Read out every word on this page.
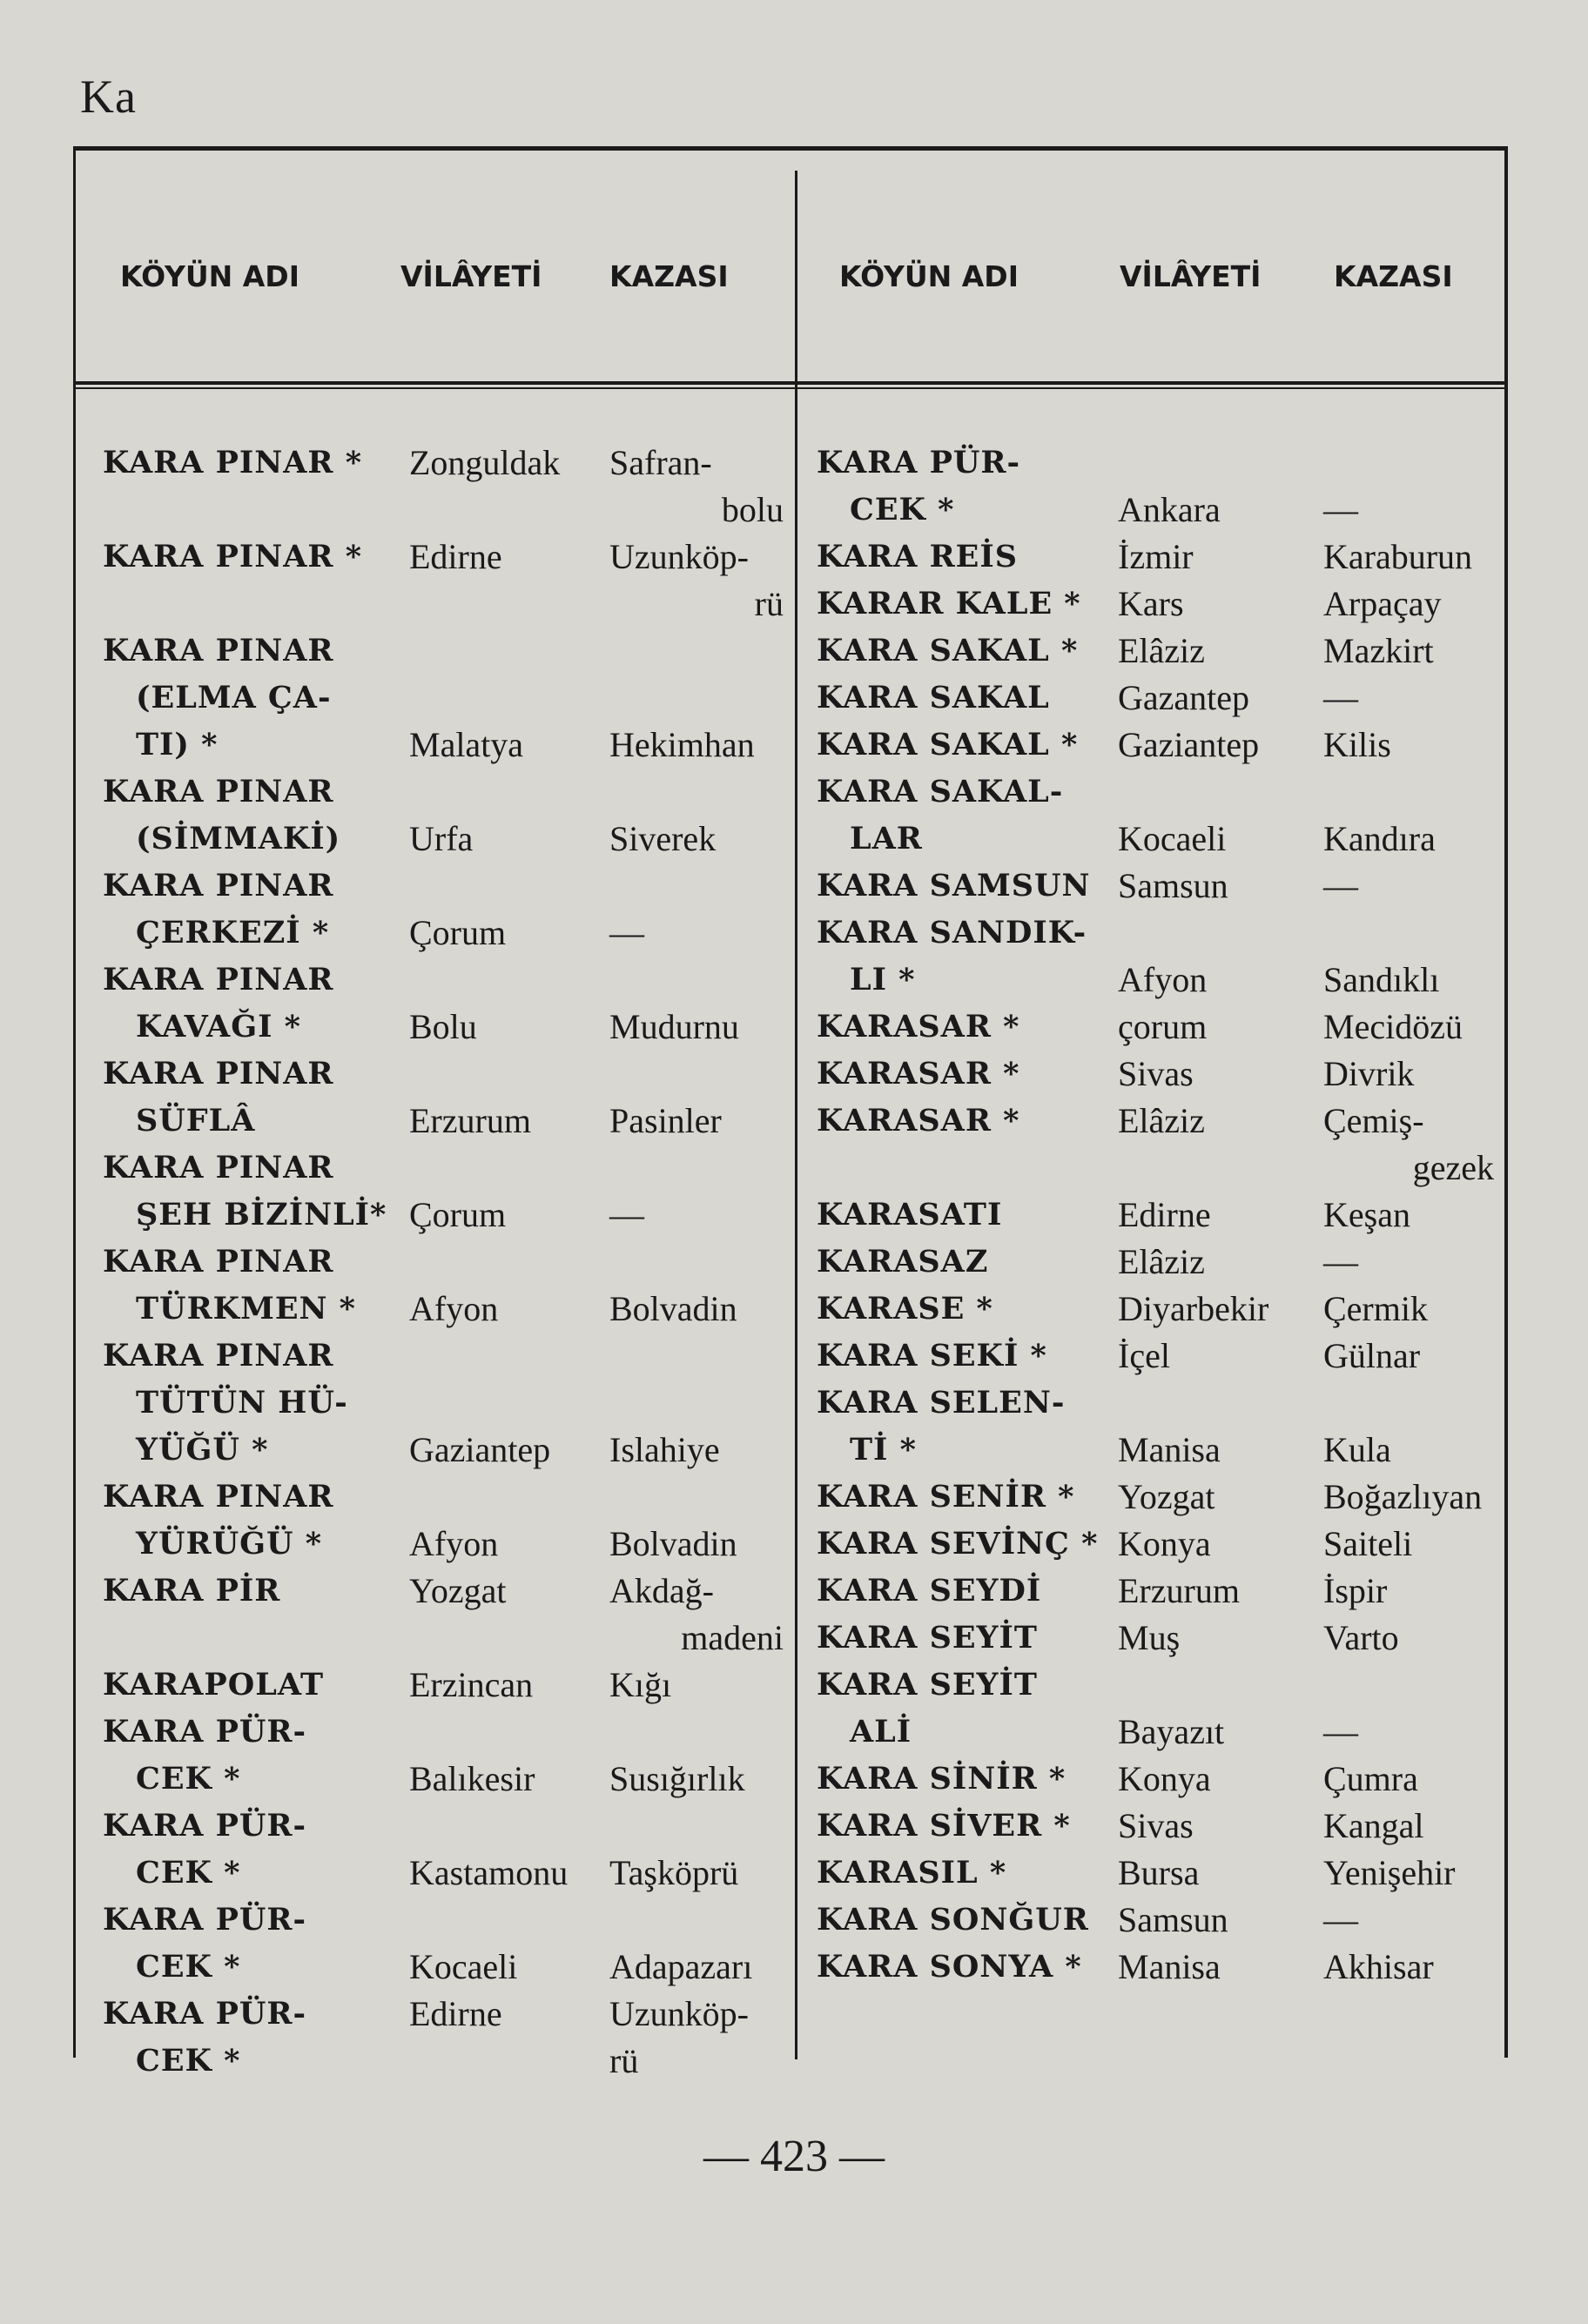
Ka
KÖYÜN ADI	VİLÂYETİ KAZASI	KÖYÜN ADI	VİLÂYETİ	KAZASI
KARA PINAR * Zonguldak Safran-
bolu
KARA PINAR * Edirne	Uzunköp-
rü
KARA PINAR
(ELMA ÇA-
TI) *	Malatya Hekimhan
KARA PINAR
(SİMMAKİ) Urfa	Siverek
KARA PINAR
ÇERKEZİ * Çorum	—
KARA PINAR
KAVAĞI *	Bolu	Mudurnu
KARA PINAR
SÜFLÂ	Erzurum Pasinler
KARA PINAR
ŞEH BİZİNLİ* Çorum	—
KARA PINAR
TÜRKMEN * Afyon	Bolvadin
KARA PINAR
TÜTÜN HÜ-
YÜĞÜ *	Gaziantep Islahiye
KARA PINAR
YÜRÜĞÜ * Afyon	Bolvadin
KARA PİR	Yozgat	Akdağ-
madeni
KARAPOLAT Erzincan Kığı
KARA PÜR-
CEK *	Balıkesir Susığırlık
KARA PÜR-
CEK *	Kastamonu Taşköprü
KARA PÜR-
CEK *	Kocaeli	Adapazarı
KARA PÜR-	Edirne	Uzunköp-
CEK *	rü
KARA PÜR-
CEK *	Ankara	—
KARA REİS	İzmir	Karaburun
KARAR KALE * Kars	Arpaçay
KARA SAKAL * Elâziz	Mazkirt
KARA SAKAL Gazantep —
KARA SAKAL * Gaziantep Kilis
KARA SAKAL-
LAR	Kocaeli	Kandıra
KARA SAMSUN Samsun	—
KARA SANDIK-
LI *	Afyon	Sandıklı
KARASAR *	çorum	Mecidözü
KARASAR *	Sivas	Divrik
KARASAR *	Elâziz	Çemiş-
gezek
KARASATI	Edirne	Keşan
KARASAZ	Elâziz	—
KARASE *	Diyarbekir Çermik
KARA SEKİ * İçel	Gülnar
KARA SELEN-
Tİ *	Manisa	Kula
KARA SENİR * Yozgat	Boğazlıyan
KARA SEVİNÇ * Konya	Saiteli
KARA SEYDİ Erzurum İspir
KARA SEYİT Muş	Varto
KARA SEYİT
ALİ	Bayazıt	—
KARA SİNİR * Konya	Çumra
KARA SİVER * Sivas	Kangal
KARASIL *	Bursa	Yenişehir
KARA SONĞUR Samsun	—
KARA SONYA * Manisa	Akhisar
— 423 —
